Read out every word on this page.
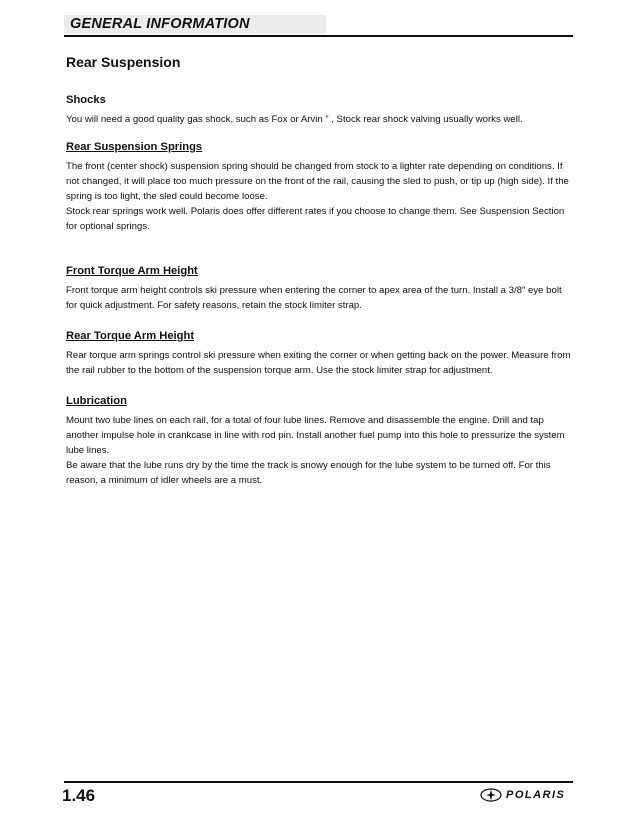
GENERAL INFORMATION
Rear Suspension
Shocks

You will need a good quality gas shock, such as Fox or Arvin ” , Stock rear shock valving usually works well.

Rear Suspension Springs

The front (center shock) suspension spring should be changed from stock to a lighter rate depending on conditions. If not changed, it will place too much pressure on the front of the rail, causing the sled to push, or tip up (high side). If the spring is too light, the sled could become loose.

Stock rear springs work well. Polaris does offer different rates if you choose to change them. See Suspension Section for optional springs.

Front Torque Arm Height

Front torque arm height controls ski pressure when entering the corner to apex area of the turn. Install a 3/8″ eye bolt for quick adjustment. For safety reasons, retain the stock limiter strap.

Rear Torque Arm Height

Rear torque arm springs control ski pressure when exiting the corner or when getting back on the power. Measure from the rail rubber to the bottom of the suspension torque arm. Use the stock limiter strap for adjustment.

Lubrication

Mount two lube lines on each rail, for a total of four lube lines. Remove and disassemble the engine. Drill and tap another impulse hole in crankcase in line with rod pin. Install another fuel pump into this hole to pressurize the system lube lines.

Be aware that the lube runs dry by the time the track is snowy enough for the lube system to be turned off. For this reason, a minimum of idler wheels are a must.

1.46	POLARIS
